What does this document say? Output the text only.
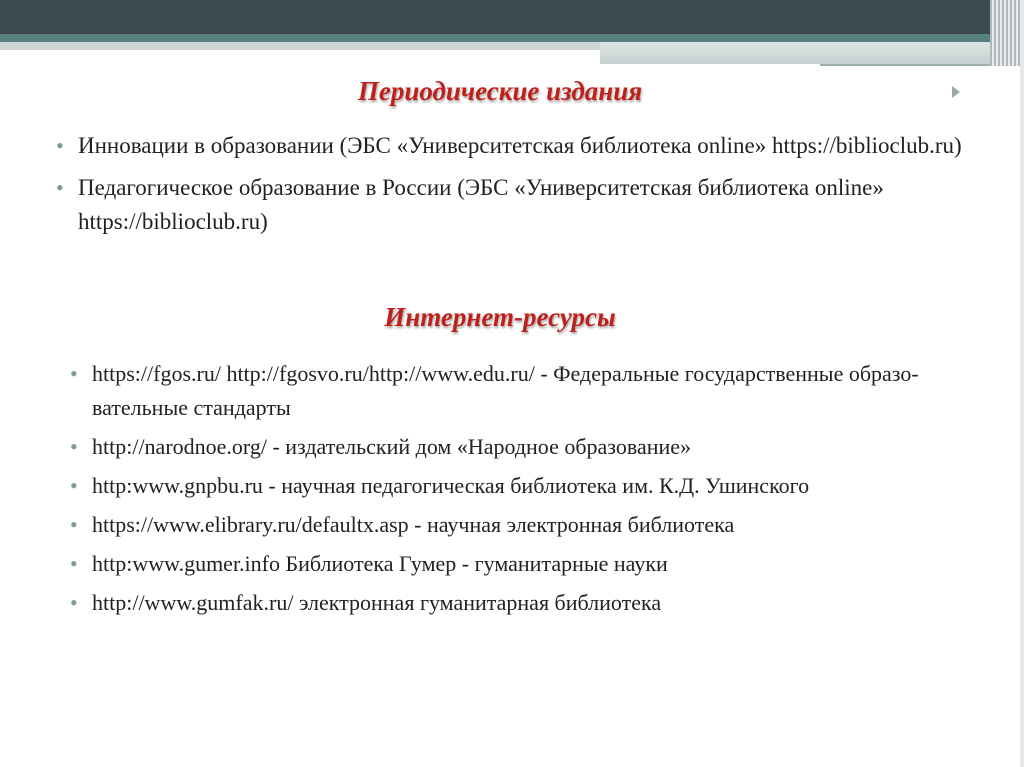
Периодические издания
• Инновации в образовании (ЭБС «Университетская библиотека online» https://biblioclub.ru)
• Педагогическое образование в России (ЭБС «Университетская библиотека online» https://biblioclub.ru)
Интернет-ресурсы
• https://fgos.ru/ http://fgosvo.ru/http://www.edu.ru/ - Федеральные государственные образо-вательные стандарты
• http://narodnoe.org/ - издательский дом «Народное образование»
• http:www.gnpbu.ru - научная педагогическая библиотека им. К.Д. Ушинского
• https://www.elibrary.ru/defaultx.asp - научная электронная библиотека
• http:www.gumer.info Библиотека Гумер - гуманитарные науки
• http://www.gumfak.ru/ электронная гуманитарная библиотека
